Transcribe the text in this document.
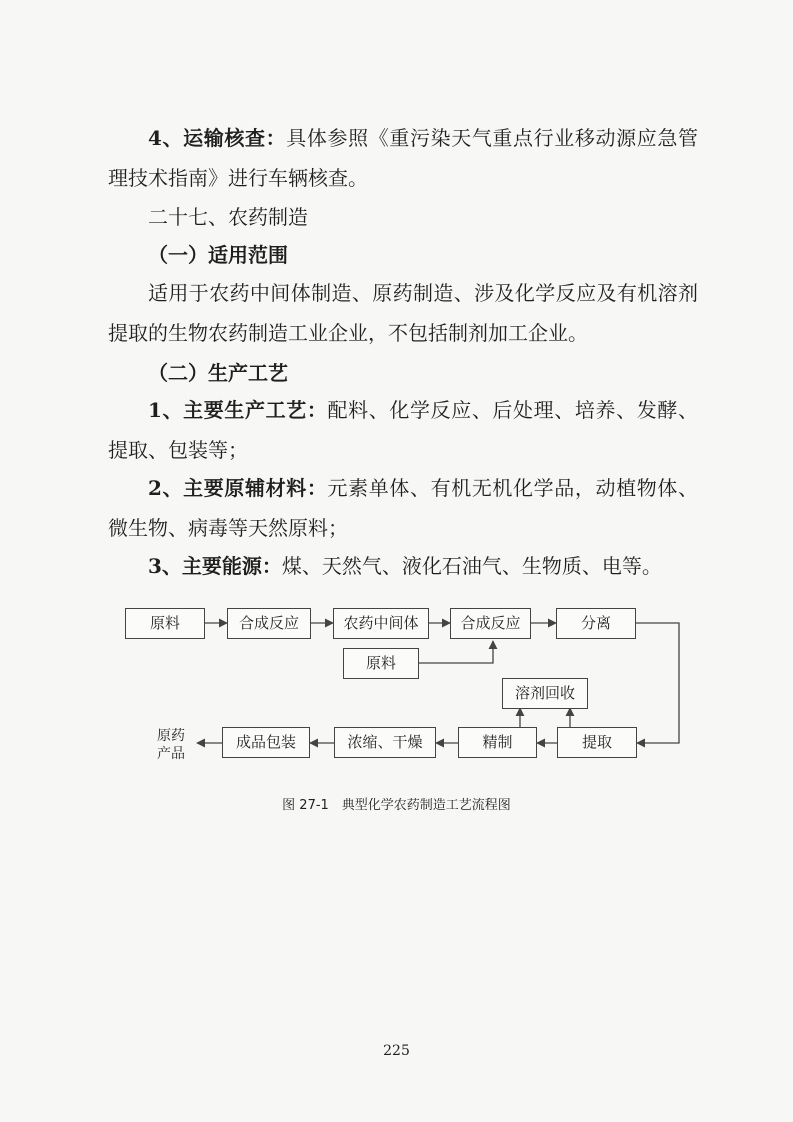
4、运输核查：具体参照《重污染天气重点行业移动源应急管理技术指南》进行车辆核查。

二十七、农药制造

（一）适用范围

适用于农药中间体制造、原药制造、涉及化学反应及有机溶剂提取的生物农药制造工业企业，不包括制剂加工企业。

（二）生产工艺

1、主要生产工艺：配料、化学反应、后处理、培养、发酵、提取、包装等；

2、主要原辅材料：元素单体、有机无机化学品，动植物体、微生物、病毒等天然原料；

3、主要能源：煤、天然气、液化石油气、生物质、电等。

原料	合成反应	农药中间体	合成反应	分离
原料
溶剂回收
提取
精制
浓缩、干燥
成品包装
原药
产品
图 27-1　典型化学农药制造工艺流程图
225
